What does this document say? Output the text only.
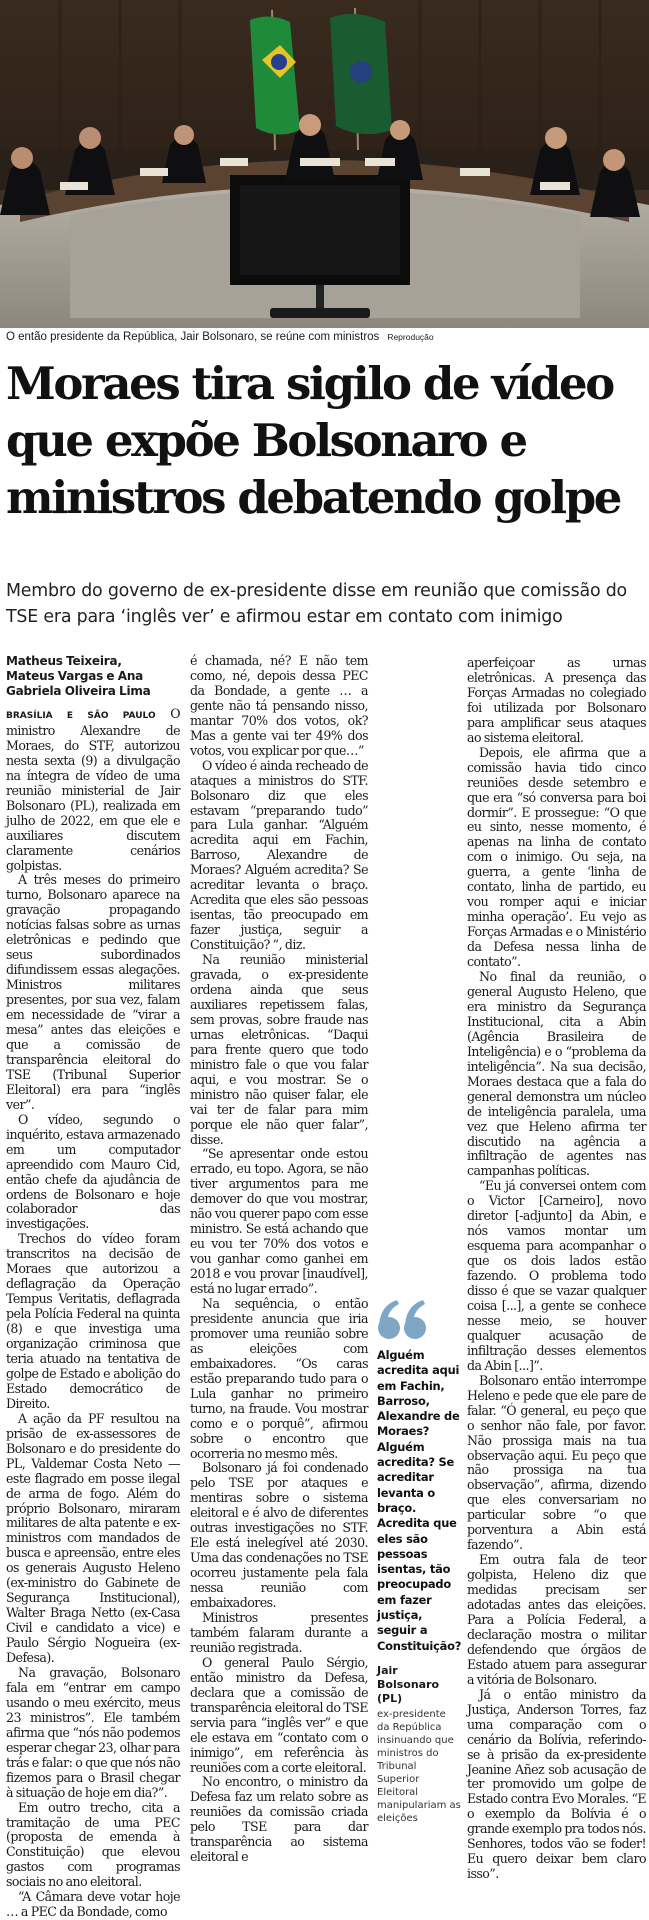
O então presidente da República, Jair Bolsonaro, se reúne com ministros Reprodução
Moraes tira sigilo de vídeo que expõe Bolsonaro e ministros debatendo golpe

Membro do governo de ex-presidente disse em reunião que comissão do TSE era para ‘inglês ver’ e afirmou estar em contato com inimigo

Matheus Teixeira,
Mateus Vargas e Ana
Gabriela Oliveira Lima

BRASÍLIA E SÃO PAULO O ministro Alexandre de Moraes, do STF, autorizou nesta sexta (9) a divulgação na íntegra de vídeo de uma reunião ministerial de Jair Bolsonaro (PL), realizada em julho de 2022, em que ele e auxiliares discutem claramente cenários golpistas.

A três meses do primeiro turno, Bolsonaro aparece na gravação propagando notícias falsas sobre as urnas eletrônicas e pedindo que seus subordinados difundissem essas alegações. Ministros militares presentes, por sua vez, falam em necessidade de “virar a mesa” antes das eleições e que a comissão de transparência eleitoral do TSE (Tribunal Superior Eleitoral) era para “inglês ver”.

O vídeo, segundo o inquérito, estava armazenado em um computador apreendido com Mauro Cid, então chefe da ajudância de ordens de Bolsonaro e hoje colaborador das investigações.

Trechos do vídeo foram transcritos na decisão de Moraes que autorizou a deflagração da Operação Tempus Veritatis, deflagrada pela Polícia Federal na quinta (8) e que investiga uma organização criminosa que teria atuado na tentativa de golpe de Estado e abolição do Estado democrático de Direito.

A ação da PF resultou na prisão de ex-assessores de Bolsonaro e do presidente do PL, Valdemar Costa Neto —este flagrado em posse ilegal de arma de fogo. Além do próprio Bolsonaro, miraram militares de alta patente e ex-ministros com mandados de busca e apreensão, entre eles os generais Augusto Heleno (ex-ministro do Gabinete de Segurança Institucional), Walter Braga Netto (ex-Casa Civil e candidato a vice) e Paulo Sérgio Nogueira (ex-Defesa).

Na gravação, Bolsonaro fala em “entrar em campo usando o meu exército, meus 23 ministros”. Ele também afirma que “nós não podemos esperar chegar 23, olhar para trás e falar: o que que nós não fizemos para o Brasil chegar à situação de hoje em dia?”.

Em outro trecho, cita a tramitação de uma PEC (proposta de emenda à Constituição) que elevou gastos com programas sociais no ano eleitoral.

“A Câmara deve votar hoje … a PEC da Bondade, como

é chamada, né? E não tem como, né, depois dessa PEC da Bondade, a gente … a gente não tá pensando nisso, mantar 70% dos votos, ok? Mas a gente vai ter 49% dos votos, vou explicar por que…”

O vídeo é ainda recheado de ataques a ministros do STF. Bolsonaro diz que eles estavam “preparando tudo” para Lula ganhar. “Alguém acredita aqui em Fachin, Barroso, Alexandre de Moraes? Alguém acredita? Se acreditar levanta o braço. Acredita que eles são pessoas isentas, tão preocupado em fazer justiça, seguir a Constituição? ”, diz.

Na reunião ministerial gravada, o ex-presidente ordena ainda que seus auxiliares repetissem falas, sem provas, sobre fraude nas urnas eletrônicas. “Daqui para frente quero que todo ministro fale o que vou falar aqui, e vou mostrar. Se o ministro não quiser falar, ele vai ter de falar para mim porque ele não quer falar”, disse.

“Se apresentar onde estou errado, eu topo. Agora, se não tiver argumentos para me demover do que vou mostrar, não vou querer papo com esse ministro. Se está achando que eu vou ter 70% dos votos e vou ganhar como ganhei em 2018 e vou provar [inaudível], está no lugar errado”.

Na sequência, o então presidente anuncia que iria promover uma reunião sobre as eleições com embaixadores. “Os caras estão preparando tudo para o Lula ganhar no primeiro turno, na fraude. Vou mostrar como e o porquê”, afirmou sobre o encontro que ocorreria no mesmo mês.

Bolsonaro já foi condenado pelo TSE por ataques e mentiras sobre o sistema eleitoral e é alvo de diferentes outras investigações no STF. Ele está inelegível até 2030. Uma das condenações no TSE ocorreu justamente pela fala nessa reunião com embaixadores.

Ministros presentes também falaram durante a reunião registrada.

O general Paulo Sérgio, então ministro da Defesa, declara que a comissão de transparência eleitoral do TSE servia para “inglês ver” e que ele estava em “contato com o inimigo”, em referência às reuniões com a corte eleitoral.

No encontro, o ministro da Defesa faz um relato sobre as reuniões da comissão criada pelo TSE para dar transparência ao sistema eleitoral e

Alguém acredita aqui em Fachin, Barroso, Alexandre de Moraes? Alguém acredita? Se acreditar levanta o braço. Acredita que eles são pessoas isentas, tão preocupado em fazer justiça, seguir a Constituição?

Jair Bolsonaro (PL)
ex-presidente da República insinuando que ministros do Tribunal Superior Eleitoral manipulariam as eleições

aperfeiçoar as urnas eletrônicas. A presença das Forças Armadas no colegiado foi utilizada por Bolsonaro para amplificar seus ataques ao sistema eleitoral.

Depois, ele afirma que a comissão havia tido cinco reuniões desde setembro e que era “só conversa para boi dormir”. E prossegue: “O que eu sinto, nesse momento, é apenas na linha de contato com o inimigo. Ou seja, na guerra, a gente ‘linha de contato, linha de partido, eu vou romper aqui e iniciar minha operação’. Eu vejo as Forças Armadas e o Ministério da Defesa nessa linha de contato”.

No final da reunião, o general Augusto Heleno, que era ministro da Segurança Institucional, cita a Abin (Agência Brasileira de Inteligência) e o “problema da inteligência”. Na sua decisão, Moraes destaca que a fala do general demonstra um núcleo de inteligência paralela, uma vez que Heleno afirma ter discutido na agência a infiltração de agentes nas campanhas políticas.

“Eu já conversei ontem com o Victor [Carneiro], novo diretor [-adjunto] da Abin, e nós vamos montar um esquema para acompanhar o que os dois lados estão fazendo. O problema todo disso é que se vazar qualquer coisa [...], a gente se conhece nesse meio, se houver qualquer acusação de infiltração desses elementos da Abin [...]”.

Bolsonaro então interrompe Heleno e pede que ele pare de falar. “Ó general, eu peço que o senhor não fale, por favor. Não prossiga mais na tua observação aqui. Eu peço que não prossiga na tua observação”, afirma, dizendo que eles conversariam no particular sobre “o que porventura a Abin está fazendo”.

Em outra fala de teor golpista, Heleno diz que medidas precisam ser adotadas antes das eleições. Para a Polícia Federal, a declaração mostra o militar defendendo que órgãos de Estado atuem para assegurar a vitória de Bolsonaro.

Já o então ministro da Justiça, Anderson Torres, faz uma comparação com o cenário da Bolívia, referindo-se à prisão da ex-presidente Jeanine Añez sob acusação de ter promovido um golpe de Estado contra Evo Morales. “E o exemplo da Bolívia é o grande exemplo pra todos nós. Senhores, todos vão se foder! Eu quero deixar bem claro isso”.
